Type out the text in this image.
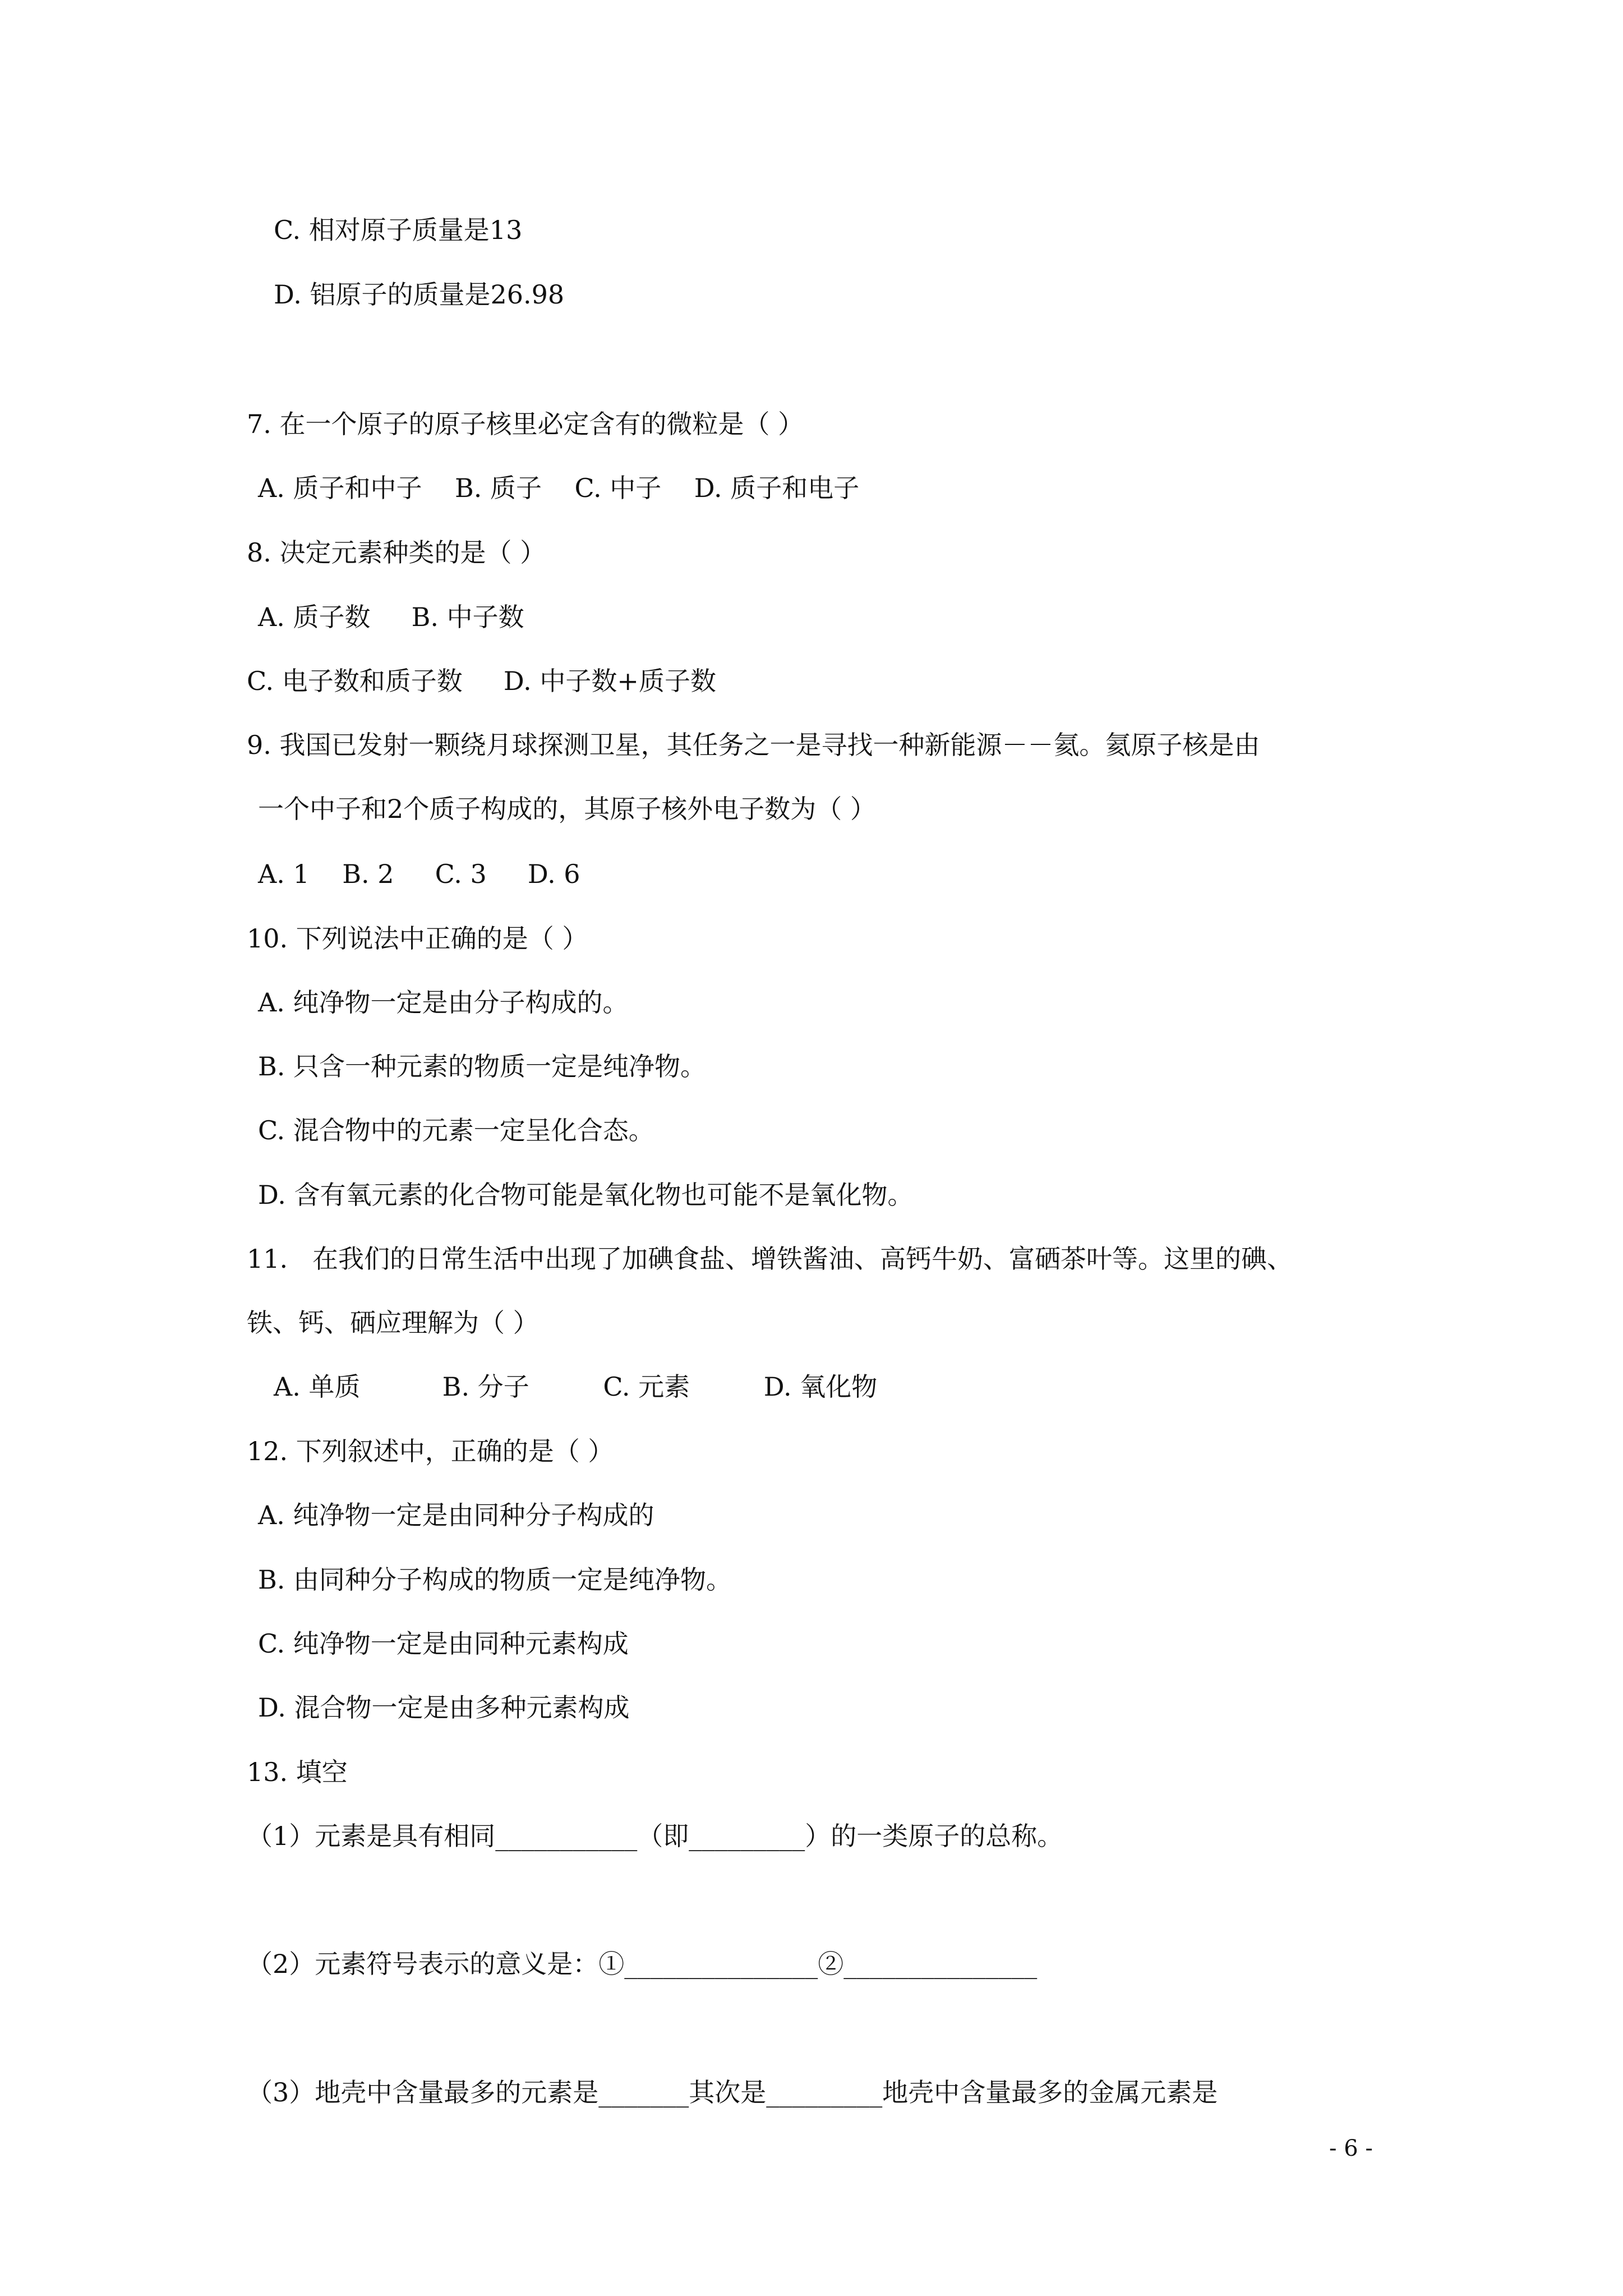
C. 相对原子质量是13
D. 铝原子的质量是26.98
7. 在一个原子的原子核里必定含有的微粒是（ ）
A. 质子和中子    B. 质子    C. 中子    D. 质子和电子
8. 决定元素种类的是（ ）
A. 质子数     B. 中子数
C. 电子数和质子数     D. 中子数+质子数
9. 我国已发射一颗绕月球探测卫星，其任务之一是寻找一种新能源－－氦。氦原子核是由
一个中子和2个质子构成的，其原子核外电子数为（ ）
A. 1    B. 2     C. 3     D. 6
10. 下列说法中正确的是（ ）
A. 纯净物一定是由分子构成的。
B. 只含一种元素的物质一定是纯净物。
C. 混合物中的元素一定呈化合态。
D. 含有氧元素的化合物可能是氧化物也可能不是氧化物。
11.   在我们的日常生活中出现了加碘食盐、增铁酱油、高钙牛奶、富硒茶叶等。这里的碘、
铁、钙、硒应理解为（ ）
A. 单质          B. 分子         C. 元素         D. 氧化物
12. 下列叙述中，正确的是（ ）
A. 纯净物一定是由同种分子构成的
B. 由同种分子构成的物质一定是纯净物。
C. 纯净物一定是由同种元素构成
D. 混合物一定是由多种元素构成
13. 填空
（1）元素是具有相同___________（即_________）的一类原子的总称。
（2）元素符号表示的意义是：①_______________②_______________
（3）地壳中含量最多的元素是_______其次是_________地壳中含量最多的金属元素是
- 6 -
